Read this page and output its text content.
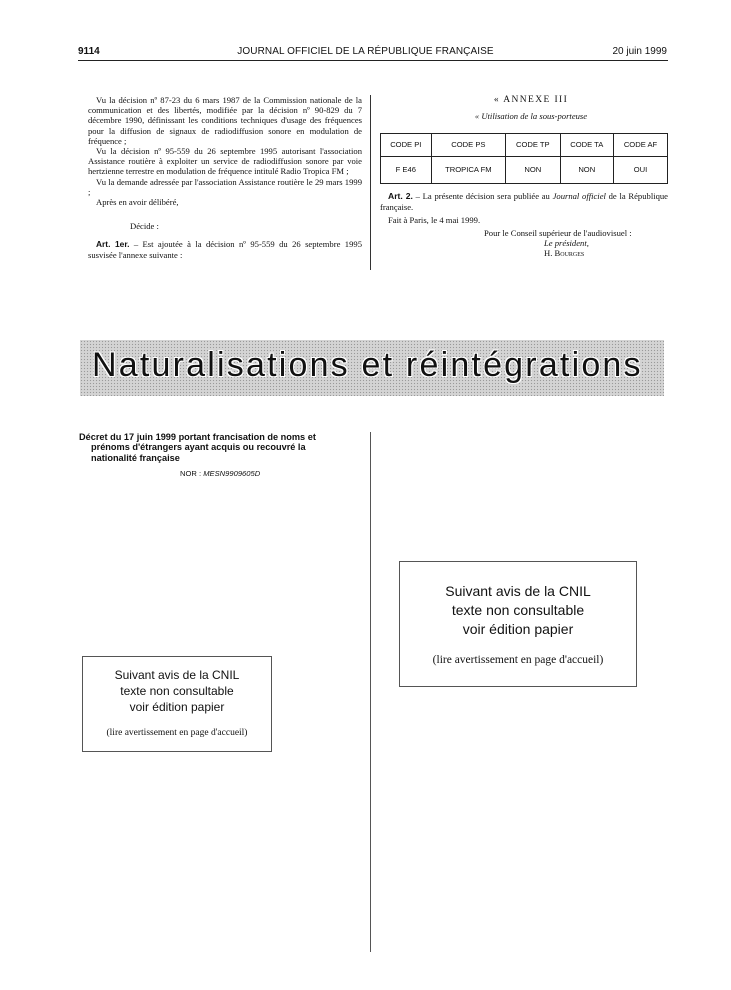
9114	JOURNAL OFFICIEL DE LA RÉPUBLIQUE FRANÇAISE	20 juin 1999

Vu la décision nº 87-23 du 6 mars 1987 de la Commission nationale de la communication et des libertés, modifiée par la décision nº 90-829 du 7 décembre 1990, définissant les conditions techniques d'usage des fréquences pour la diffusion de signaux de radiodiffusion sonore en modulation de fréquence ;

Vu la décision nº 95-559 du 26 septembre 1995 autorisant l'association Assistance routière à exploiter un service de radiodiffusion sonore par voie hertzienne terrestre en modulation de fréquence intitulé Radio Tropica FM ;

Vu la demande adressée par l'association Assistance routière le 29 mars 1999 ;

Après en avoir délibéré,

Décide :

Art. 1er. – Est ajoutée à la décision nº 95-559 du 26 septembre 1995 susvisée l'annexe suivante :

« ANNEXE III
« Utilisation de la sous-porteuse
CODE PI	CODE PS	CODE TP	CODE TA	CODE AF
F E46	TROPICA FM	NON	NON	OUI
Art. 2. – La présente décision sera publiée au Journal officiel de la République française.
Fait à Paris, le 4 mai 1999.
Pour le Conseil supérieur de l'audiovisuel :
Le président,
H. Bourges
Naturalisations et réintégrations
Décret du 17 juin 1999 portant francisation de noms et
prénoms d'étrangers ayant acquis ou recouvré la
nationalité française
NOR : MESN9909605D
Suivant avis de la CNIL
texte non consultable
voir édition papier
(lire avertissement en page d'accueil)
Suivant avis de la CNIL
texte non consultable
voir édition papier
(lire avertissement en page d'accueil)
